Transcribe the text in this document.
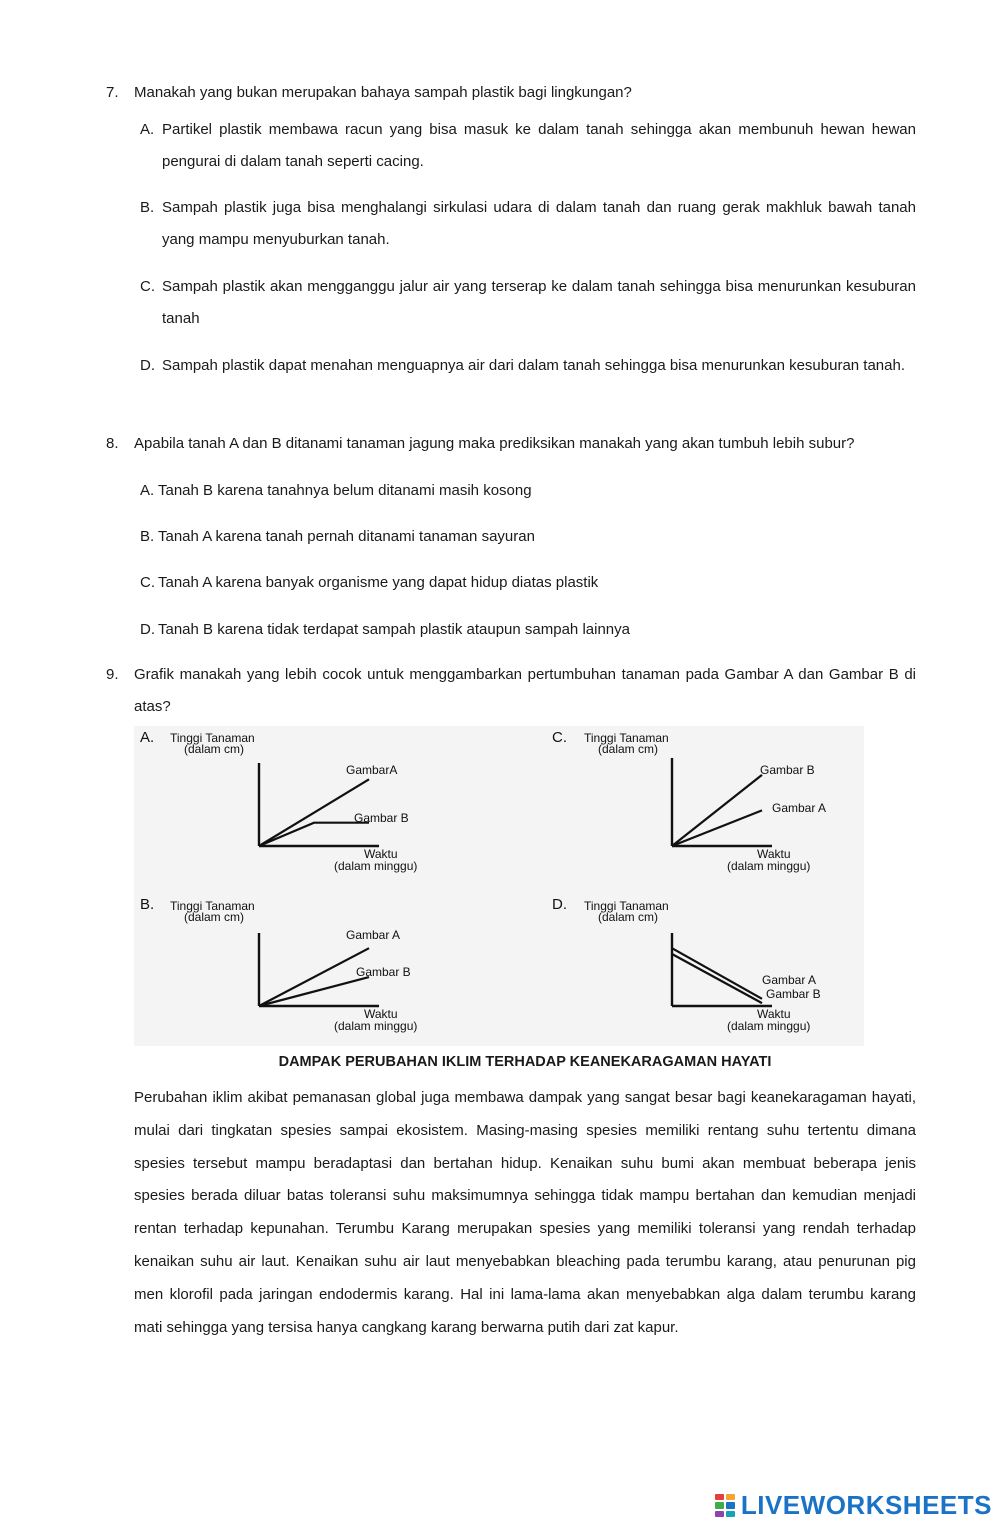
7. Manakah yang bukan merupakan bahaya sampah plastik bagi lingkungan?
A. Partikel plastik membawa racun yang bisa masuk ke dalam tanah sehingga akan membunuh hewan hewan pengurai di dalam tanah seperti cacing.
B. Sampah plastik juga bisa menghalangi sirkulasi udara di dalam tanah dan ruang gerak makhluk bawah tanah yang mampu menyuburkan tanah.
C. Sampah plastik akan mengganggu jalur air yang terserap ke dalam tanah sehingga bisa menurunkan kesuburan tanah
D. Sampah plastik dapat menahan menguapnya air dari dalam tanah sehingga bisa menurunkan kesuburan tanah.
8. Apabila tanah A dan B ditanami tanaman jagung maka prediksikan manakah yang akan tumbuh lebih subur?
A. Tanah B karena tanahnya belum ditanami masih kosong
B. Tanah A karena tanah pernah ditanami tanaman sayuran
C. Tanah A karena banyak organisme yang dapat hidup diatas plastik
D. Tanah B karena tidak terdapat sampah plastik ataupun sampah lainnya
9. Grafik manakah yang lebih cocok untuk menggambarkan pertumbuhan tanaman pada Gambar A dan Gambar B di atas?
A. Tinggi Tanaman
(dalam cm)
Waktu
(dalam minggu)
GambarA
Gambar B
B. Tinggi Tanaman
(dalam cm)
Waktu
(dalam minggu)
Gambar A
Gambar B
C. Tinggi Tanaman
(dalam cm)
Waktu
(dalam minggu)
Gambar B
Gambar A
D. Tinggi Tanaman
(dalam cm)
Waktu
(dalam minggu)
Gambar A
Gambar B
DAMPAK PERUBAHAN IKLIM TERHADAP KEANEKARAGAMAN HAYATI
Perubahan iklim akibat pemanasan global juga membawa dampak yang sangat besar bagi keanekaragaman hayati, mulai dari tingkatan spesies sampai ekosistem. Masing-masing spesies memiliki rentang suhu tertentu dimana spesies tersebut mampu beradaptasi dan bertahan hidup. Kenaikan suhu bumi akan membuat beberapa jenis spesies berada diluar batas toleransi suhu maksimumnya sehingga tidak mampu bertahan dan kemudian menjadi rentan terhadap kepunahan. Terumbu Karang merupakan spesies yang memiliki toleransi yang rendah terhadap kenaikan suhu air laut. Kenaikan suhu air laut menyebabkan bleaching pada terumbu karang, atau penurunan pig men klorofil pada jaringan endodermis karang. Hal ini lama-lama akan menyebabkan alga dalam terumbu karang mati sehingga yang tersisa hanya cangkang karang berwarna putih dari zat kapur.
LIVEWORKSHEETS
